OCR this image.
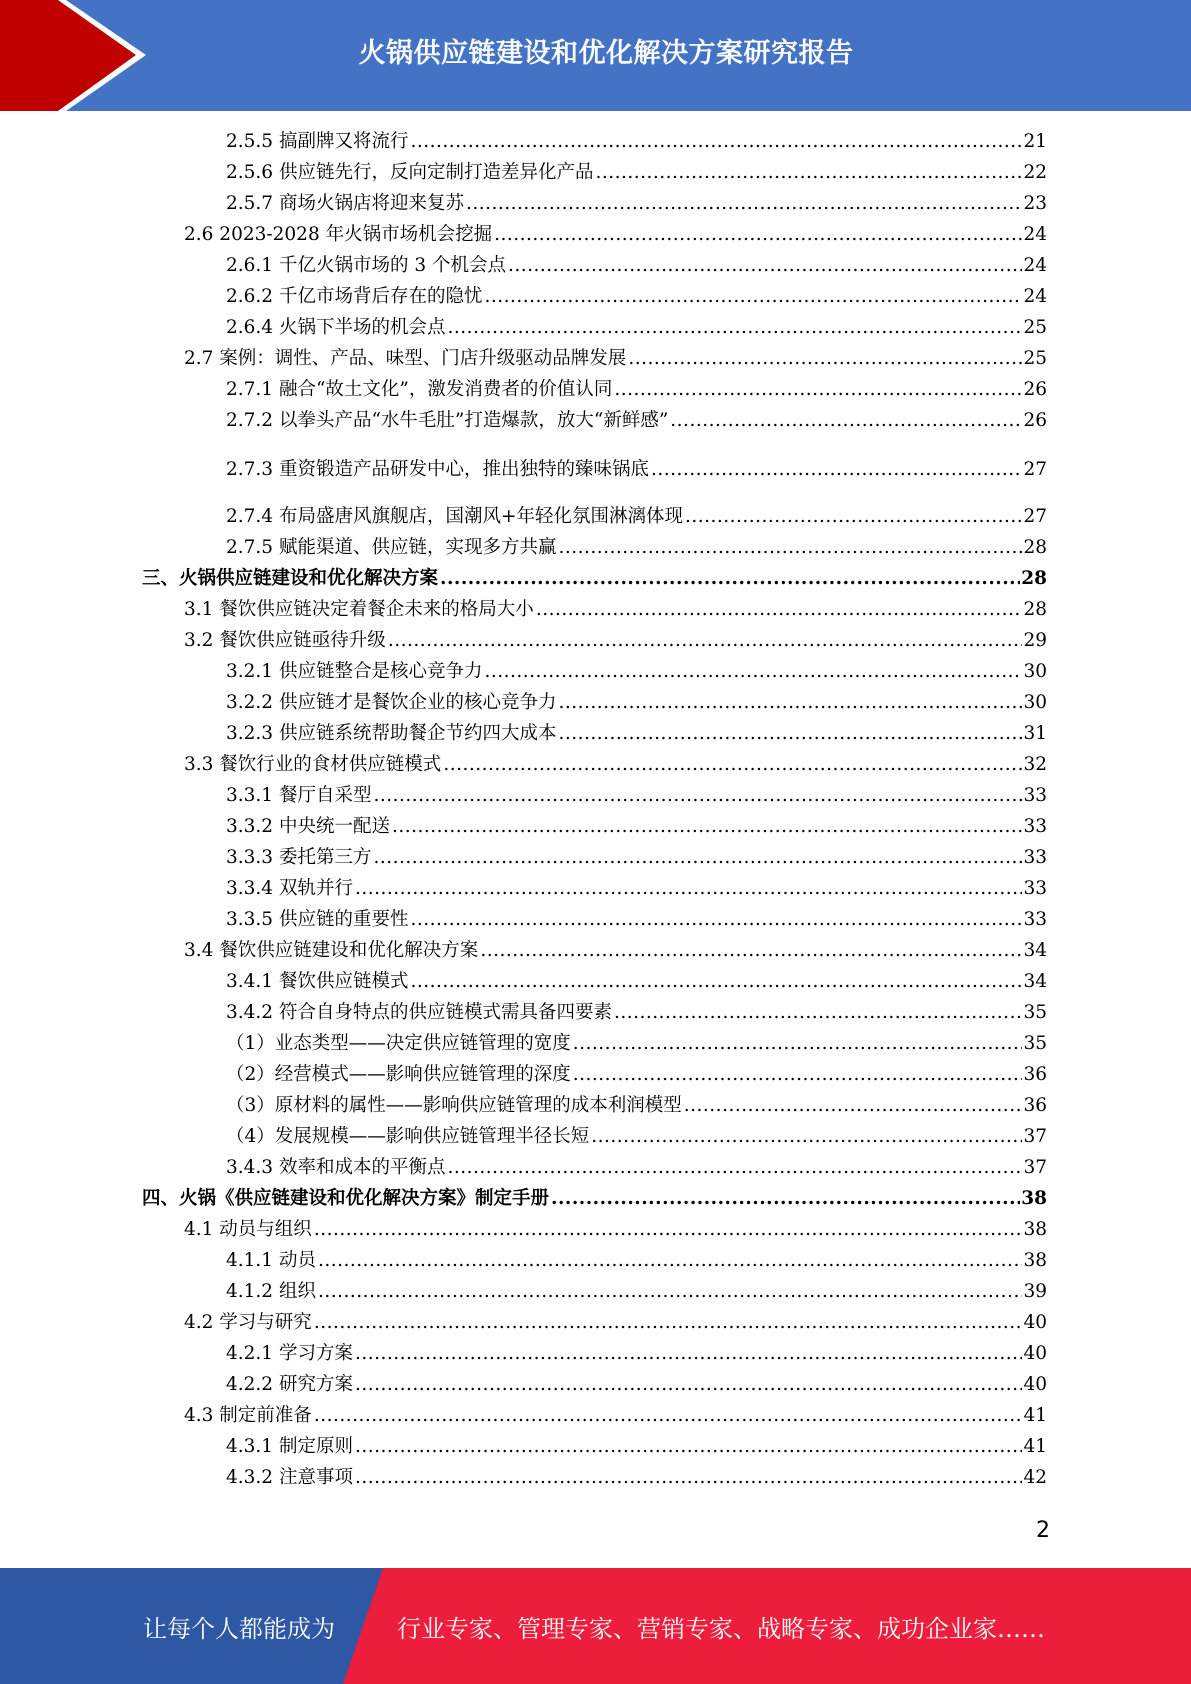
火锅供应链建设和优化解决方案研究报告
2.5.5 搞副牌又将流行 .....	21
2.5.6 供应链先行，反向定制打造差异化产品 .....	22
2.5.7 商场火锅店将迎来复苏 .....	23
2.6 2023-2028 年火锅市场机会挖掘 .....	24
2.6.1 千亿火锅市场的 3 个机会点 .....	24
2.6.2 千亿市场背后存在的隐忧 .....	24
2.6.4 火锅下半场的机会点 .....	25
2.7 案例：调性、产品、味型、门店升级驱动品牌发展 .....	25
2.7.1 融合“故土文化”，激发消费者的价值认同 .....	26
2.7.2 以拳头产品“水牛毛肚”打造爆款，放大“新鲜感” .....	26
2.7.3 重资锻造产品研发中心，推出独特的臻味锅底 .....	27
2.7.4 布局盛唐风旗舰店，国潮风+年轻化氛围淋漓体现 .....	27
2.7.5 赋能渠道、供应链，实现多方共赢 .....	28
三、火锅供应链建设和优化解决方案 .....	28
3.1 餐饮供应链决定着餐企未来的格局大小 .....	28
3.2 餐饮供应链亟待升级 .....	29
3.2.1 供应链整合是核心竞争力 .....	30
3.2.2 供应链才是餐饮企业的核心竞争力 .....	30
3.2.3 供应链系统帮助餐企节约四大成本 .....	31
3.3 餐饮行业的食材供应链模式 .....	32
3.3.1 餐厅自采型 .....	33
3.3.2 中央统一配送 .....	33
3.3.3 委托第三方 .....	33
3.3.4 双轨并行 .....	33
3.3.5 供应链的重要性 .....	33
3.4 餐饮供应链建设和优化解决方案 .....	34
3.4.1 餐饮供应链模式 .....	34
3.4.2 符合自身特点的供应链模式需具备四要素 .....	35
（1）业态类型——决定供应链管理的宽度 .....	35
（2）经营模式——影响供应链管理的深度 .....	36
（3）原材料的属性——影响供应链管理的成本利润模型 .....	36
（4）发展规模——影响供应链管理半径长短 .....	37
3.4.3 效率和成本的平衡点 .....	37
四、火锅《供应链建设和优化解决方案》制定手册 .....	38
4.1 动员与组织 .....	38
4.1.1 动员 .....	38
4.1.2 组织 .....	39
4.2 学习与研究 .....	40
4.2.1 学习方案 .....	40
4.2.2 研究方案 .....	40
4.3 制定前准备 .....	41
4.3.1 制定原则 .....	41
4.3.2 注意事项 .....	42
2
让每个人都能成为	行业专家、管理专家、营销专家、战略专家、成功企业家……
